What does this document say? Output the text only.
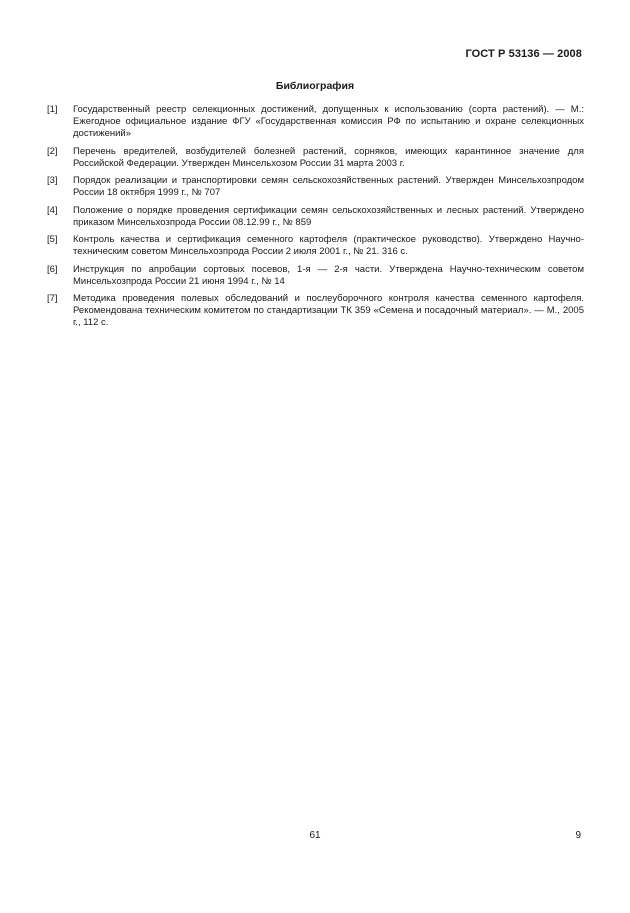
ГОСТ Р 53136 — 2008
Библиография
[1]	Государственный реестр селекционных достижений, допущенных к использованию (сорта растений). — М.: Ежегодное официальное издание ФГУ «Государственная комиссия РФ по испытанию и охране селекционных достижений»
[2]	Перечень вредителей, возбудителей болезней растений, сорняков, имеющих карантинное значение для Российской Федерации. Утвержден Минсельхозом России 31 марта 2003 г.
[3]	Порядок реализации и транспортировки семян сельскохозяйственных растений. Утвержден Минсельхозпродом России 18 октября 1999 г., № 707
[4]	Положение о порядке проведения сертификации семян сельскохозяйственных и лесных растений. Утверждено приказом Минсельхозпрода России 08.12.99 г., № 859
[5]	Контроль качества и сертификация семенного картофеля (практическое руководство). Утверждено Научно-техническим советом Минсельхозпрода России 2 июля 2001 г., № 21. 316 с.
[6]	Инструкция по апробации сортовых посевов, 1-я — 2-я части. Утверждена Научно-техническим советом Минсельхозпрода России 21 июня 1994 г., № 14
[7]	Методика проведения полевых обследований и послеуборочного контроля качества семенного картофеля. Рекомендована техническим комитетом по стандартизации ТК 359 «Семена и посадочный материал». — М., 2005 г., 112 с.
61	9
